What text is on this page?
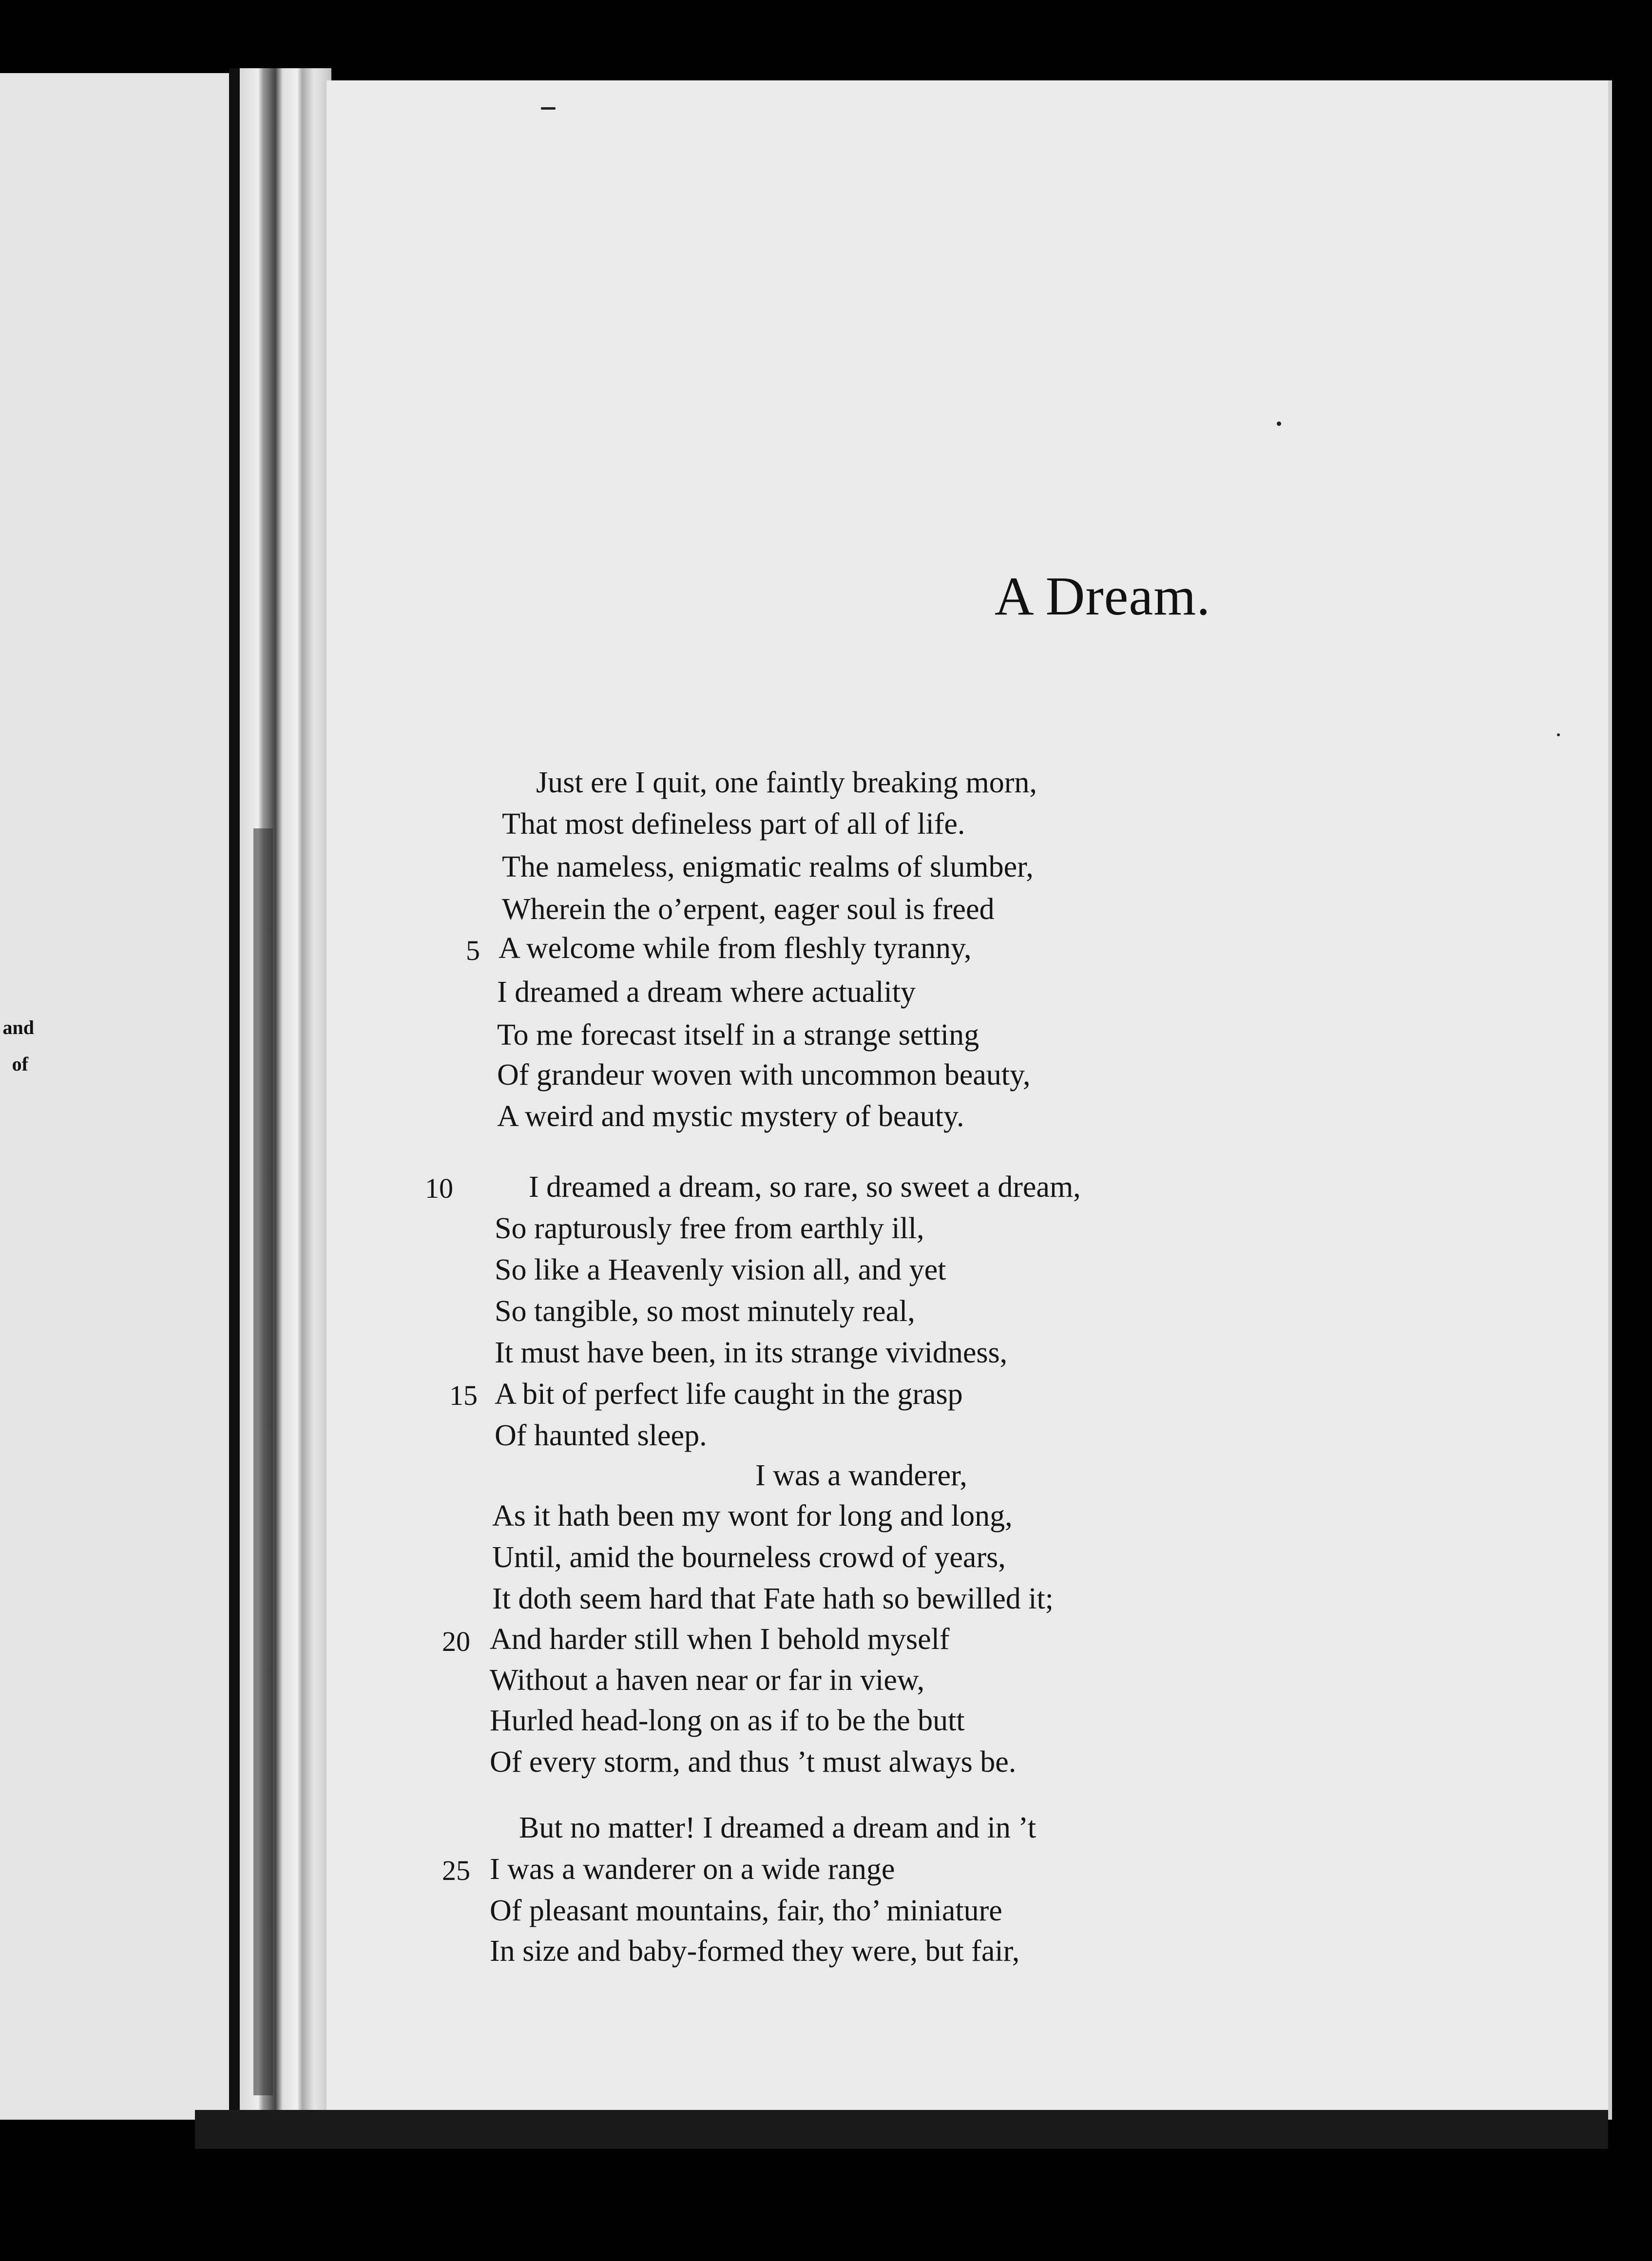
and
of
A Dream.
Just ere I quit, one faintly breaking morn,
That most defineless part of all of life.
The nameless, enigmatic realms of slumber,
Wherein the o’erpent, eager soul is freed
5 A welcome while from fleshly tyranny,
I dreamed a dream where actuality
To me forecast itself in a strange setting
Of grandeur woven with uncommon beauty,
A weird and mystic mystery of beauty.
10	I dreamed a dream, so rare, so sweet a dream,
So rapturously free from earthly ill,
So like a Heavenly vision all, and yet
So tangible, so most minutely real,
It must have been, in its strange vividness,
15 A bit of perfect life caught in the grasp
Of haunted sleep.
I was a wanderer,
As it hath been my wont for long and long,
Until, amid the bourneless crowd of years,
It doth seem hard that Fate hath so bewilled it;
20 And harder still when I behold myself
Without a haven near or far in view,
Hurled head-long on as if to be the butt
Of every storm, and thus ’t must always be.
But no matter! I dreamed a dream and in ’t
25 I was a wanderer on a wide range
Of pleasant mountains, fair, tho’ miniature
In size and baby-formed they were, but fair,
